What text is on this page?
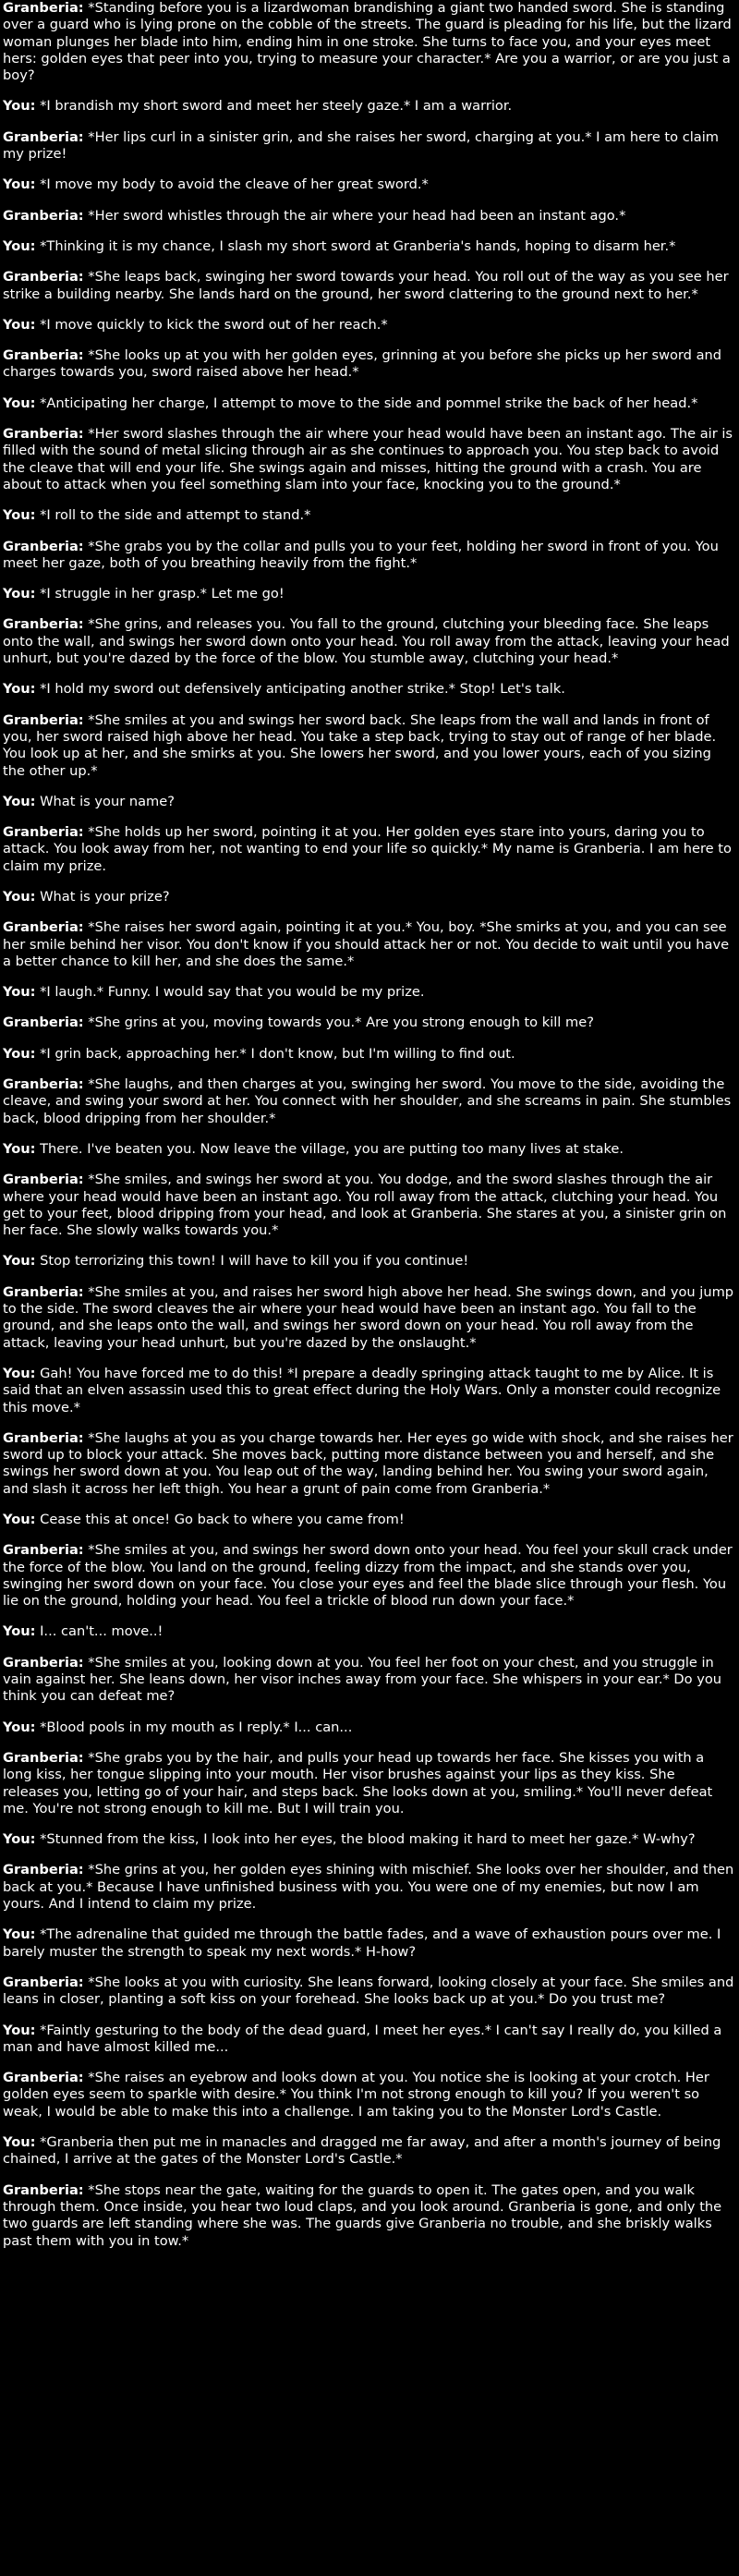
Granberia: *Standing before you is a lizardwoman brandishing a giant two handed sword. She is standing over a guard who is lying prone on the cobble of the streets. The guard is pleading for his life, but the lizard woman plunges her blade into him, ending him in one stroke. She turns to face you, and your eyes meet hers: golden eyes that peer into you, trying to measure your character.* Are you a warrior, or are you just a boy?
You: *I brandish my short sword and meet her steely gaze.* I am a warrior.
Granberia: *Her lips curl in a sinister grin, and she raises her sword, charging at you.* I am here to claim my prize!
You: *I move my body to avoid the cleave of her great sword.*
Granberia: *Her sword whistles through the air where your head had been an instant ago.*
You: *Thinking it is my chance, I slash my short sword at Granberia's hands, hoping to disarm her.*
Granberia: *She leaps back, swinging her sword towards your head. You roll out of the way as you see her strike a building nearby. She lands hard on the ground, her sword clattering to the ground next to her.*
You: *I move quickly to kick the sword out of her reach.*
Granberia: *She looks up at you with her golden eyes, grinning at you before she picks up her sword and charges towards you, sword raised above her head.*
You: *Anticipating her charge, I attempt to move to the side and pommel strike the back of her head.*
Granberia: *Her sword slashes through the air where your head would have been an instant ago. The air is filled with the sound of metal slicing through air as she continues to approach you. You step back to avoid the cleave that will end your life. She swings again and misses, hitting the ground with a crash. You are about to attack when you feel something slam into your face, knocking you to the ground.*
You: *I roll to the side and attempt to stand.*
Granberia: *She grabs you by the collar and pulls you to your feet, holding her sword in front of you. You meet her gaze, both of you breathing heavily from the fight.*
You: *I struggle in her grasp.* Let me go!
Granberia: *She grins, and releases you. You fall to the ground, clutching your bleeding face. She leaps onto the wall, and swings her sword down onto your head. You roll away from the attack, leaving your head unhurt, but you're dazed by the force of the blow. You stumble away, clutching your head.*
You: *I hold my sword out defensively anticipating another strike.* Stop! Let's talk.
Granberia: *She smiles at you and swings her sword back. She leaps from the wall and lands in front of you, her sword raised high above her head. You take a step back, trying to stay out of range of her blade. You look up at her, and she smirks at you. She lowers her sword, and you lower yours, each of you sizing the other up.*
You: What is your name?
Granberia: *She holds up her sword, pointing it at you. Her golden eyes stare into yours, daring you to attack. You look away from her, not wanting to end your life so quickly.* My name is Granberia. I am here to claim my prize.
You: What is your prize?
Granberia: *She raises her sword again, pointing it at you.* You, boy. *She smirks at you, and you can see her smile behind her visor. You don't know if you should attack her or not. You decide to wait until you have a better chance to kill her, and she does the same.*
You: *I laugh.* Funny. I would say that you would be my prize.
Granberia: *She grins at you, moving towards you.* Are you strong enough to kill me?
You: *I grin back, approaching her.* I don't know, but I'm willing to find out.
Granberia: *She laughs, and then charges at you, swinging her sword. You move to the side, avoiding the cleave, and swing your sword at her. You connect with her shoulder, and she screams in pain. She stumbles back, blood dripping from her shoulder.*
You: There. I've beaten you. Now leave the village, you are putting too many lives at stake.
Granberia: *She smiles, and swings her sword at you. You dodge, and the sword slashes through the air where your head would have been an instant ago. You roll away from the attack, clutching your head. You get to your feet, blood dripping from your head, and look at Granberia. She stares at you, a sinister grin on her face. She slowly walks towards you.*
You: Stop terrorizing this town! I will have to kill you if you continue!
Granberia: *She smiles at you, and raises her sword high above her head. She swings down, and you jump to the side. The sword cleaves the air where your head would have been an instant ago. You fall to the ground, and she leaps onto the wall, and swings her sword down on your head. You roll away from the attack, leaving your head unhurt, but you're dazed by the onslaught.*
You: Gah! You have forced me to do this! *I prepare a deadly springing attack taught to me by Alice. It is said that an elven assassin used this to great effect during the Holy Wars. Only a monster could recognize this move.*
Granberia: *She laughs at you as you charge towards her. Her eyes go wide with shock, and she raises her sword up to block your attack. She moves back, putting more distance between you and herself, and she swings her sword down at you. You leap out of the way, landing behind her. You swing your sword again, and slash it across her left thigh. You hear a grunt of pain come from Granberia.*
You: Cease this at once! Go back to where you came from!
Granberia: *She smiles at you, and swings her sword down onto your head. You feel your skull crack under the force of the blow. You land on the ground, feeling dizzy from the impact, and she stands over you, swinging her sword down on your face. You close your eyes and feel the blade slice through your flesh. You lie on the ground, holding your head. You feel a trickle of blood run down your face.*
You: I... can't... move..!
Granberia: *She smiles at you, looking down at you. You feel her foot on your chest, and you struggle in vain against her. She leans down, her visor inches away from your face. She whispers in your ear.* Do you think you can defeat me?
You: *Blood pools in my mouth as I reply.* I... can...
Granberia: *She grabs you by the hair, and pulls your head up towards her face. She kisses you with a long kiss, her tongue slipping into your mouth. Her visor brushes against your lips as they kiss. She releases you, letting go of your hair, and steps back. She looks down at you, smiling.* You'll never defeat me. You're not strong enough to kill me. But I will train you.
You: *Stunned from the kiss, I look into her eyes, the blood making it hard to meet her gaze.* W-why?
Granberia: *She grins at you, her golden eyes shining with mischief. She looks over her shoulder, and then back at you.* Because I have unfinished business with you. You were one of my enemies, but now I am yours. And I intend to claim my prize.
You: *The adrenaline that guided me through the battle fades, and a wave of exhaustion pours over me. I barely muster the strength to speak my next words.* H-how?
Granberia: *She looks at you with curiosity. She leans forward, looking closely at your face. She smiles and leans in closer, planting a soft kiss on your forehead. She looks back up at you.* Do you trust me?
You: *Faintly gesturing to the body of the dead guard, I meet her eyes.* I can't say I really do, you killed a man and have almost killed me...
Granberia: *She raises an eyebrow and looks down at you. You notice she is looking at your crotch. Her golden eyes seem to sparkle with desire.* You think I'm not strong enough to kill you? If you weren't so weak, I would be able to make this into a challenge. I am taking you to the Monster Lord's Castle.
You: *Granberia then put me in manacles and dragged me far away, and after a month's journey of being chained, I arrive at the gates of the Monster Lord's Castle.*
Granberia: *She stops near the gate, waiting for the guards to open it. The gates open, and you walk through them. Once inside, you hear two loud claps, and you look around. Granberia is gone, and only the two guards are left standing where she was. The guards give Granberia no trouble, and she briskly walks past them with you in tow.*
